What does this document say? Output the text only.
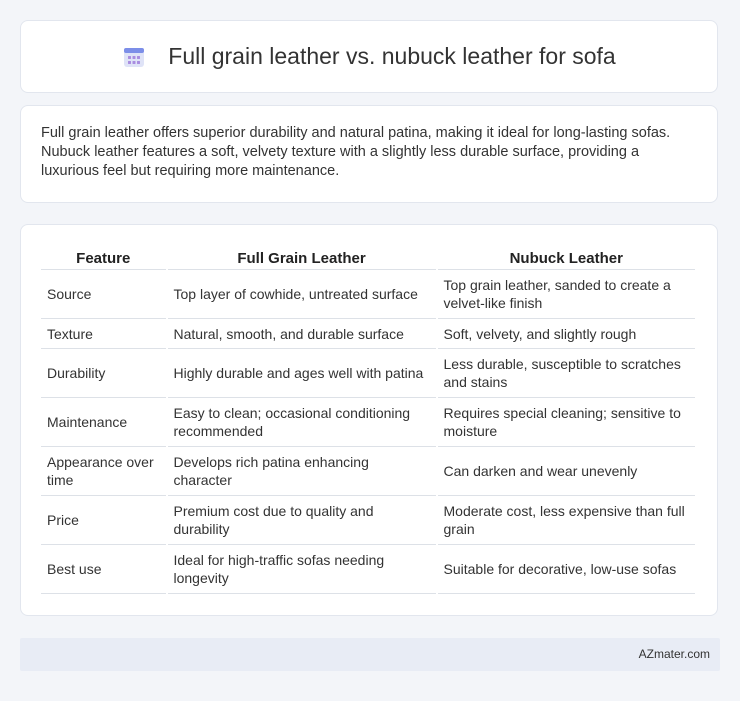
Full grain leather vs. nubuck leather for sofa

Full grain leather offers superior durability and natural patina, making it ideal for long-lasting sofas. Nubuck leather features a soft, velvety texture with a slightly less durable surface, providing a luxurious feel but requiring more maintenance.

Feature	Full Grain Leather	Nubuck Leather
Source	Top layer of cowhide, untreated surface	Top grain leather, sanded to create a velvet-like finish
Texture	Natural, smooth, and durable surface	Soft, velvety, and slightly rough
Durability	Highly durable and ages well with patina	Less durable, susceptible to scratches and stains
Maintenance	Easy to clean; occasional conditioning recommended	Requires special cleaning; sensitive to moisture
Appearance over time	Develops rich patina enhancing character	Can darken and wear unevenly
Price	Premium cost due to quality and durability	Moderate cost, less expensive than full grain
Best use	Ideal for high-traffic sofas needing longevity	Suitable for decorative, low-use sofas
AZmater.com
